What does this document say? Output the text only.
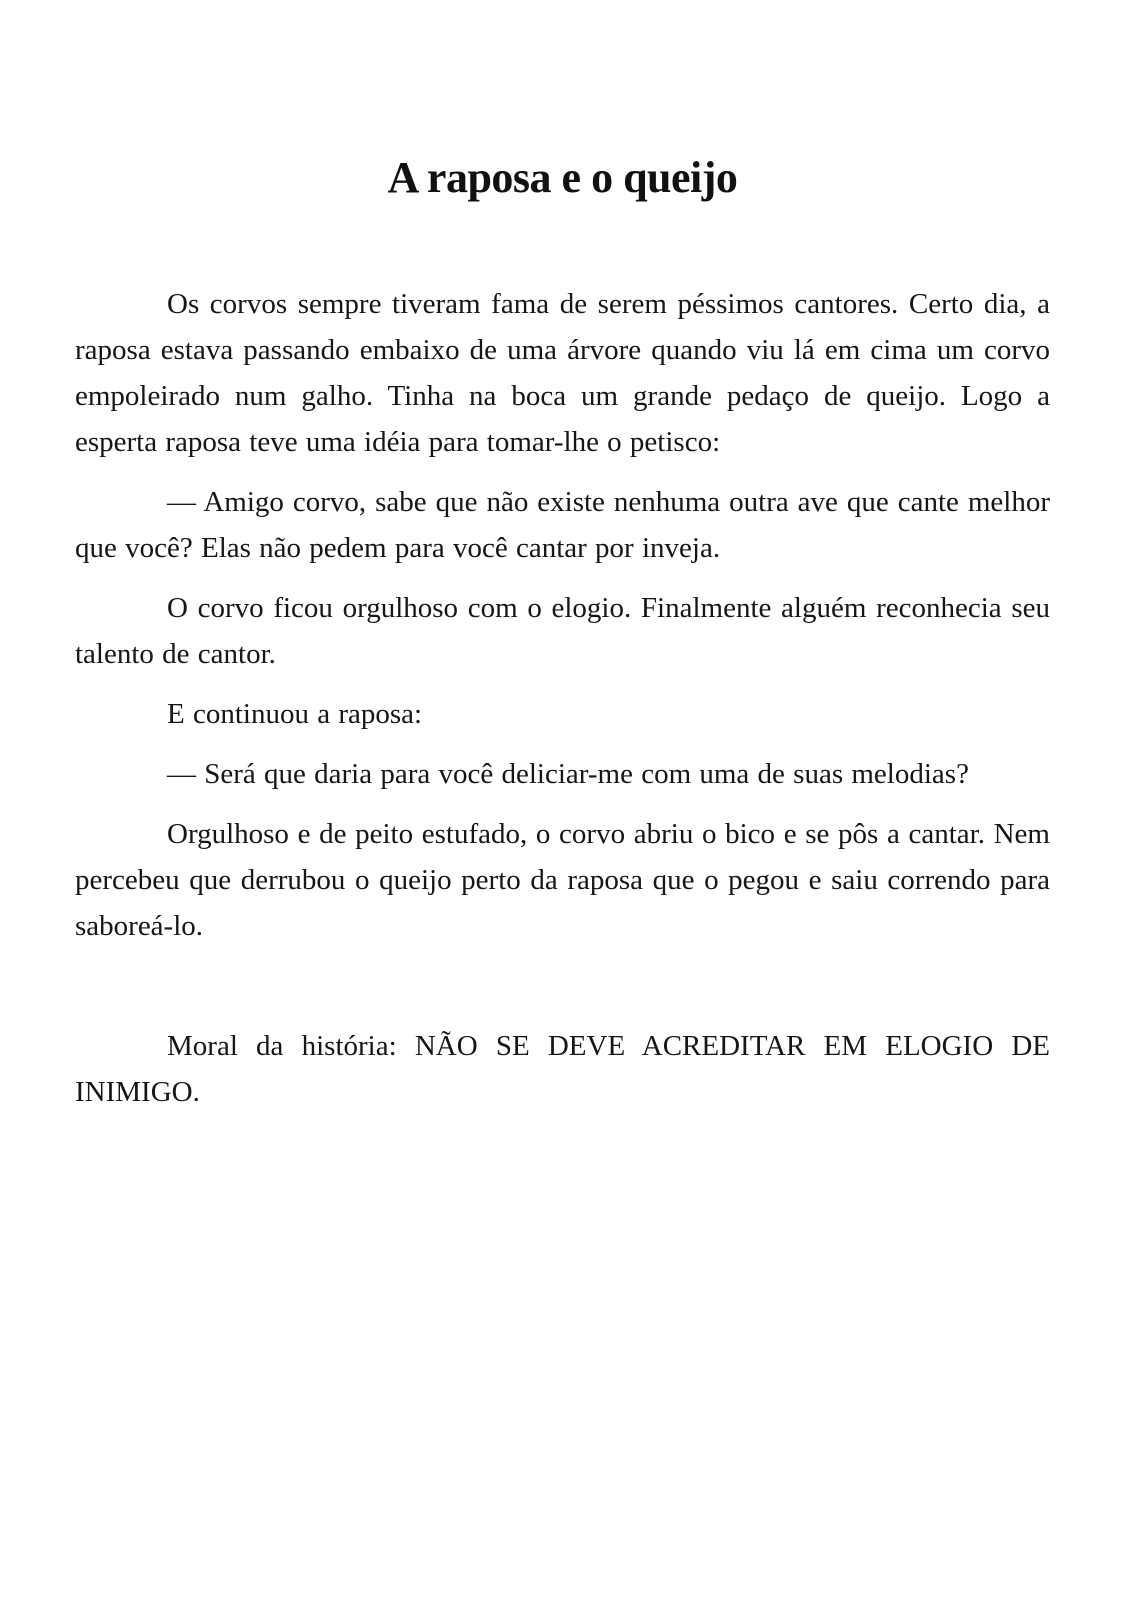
A raposa e o queijo

Os corvos sempre tiveram fama de serem péssimos cantores. Certo dia, a raposa estava passando embaixo de uma árvore quando viu lá em cima um corvo empoleirado num galho. Tinha na boca um grande pedaço de queijo. Logo a esperta raposa teve uma idéia para tomar-lhe o petisco:

— Amigo corvo, sabe que não existe nenhuma outra ave que cante melhor que você? Elas não pedem para você cantar por inveja.

O corvo ficou orgulhoso com o elogio. Finalmente alguém reconhecia seu talento de cantor.

E continuou a raposa:

— Será que daria para você deliciar-me com uma de suas melodias?

Orgulhoso e de peito estufado, o corvo abriu o bico e se pôs a cantar. Nem percebeu que derrubou o queijo perto da raposa que o pegou e saiu correndo para saboreá-lo.

Moral da história: NÃO SE DEVE ACREDITAR EM ELOGIO DE INIMIGO.
